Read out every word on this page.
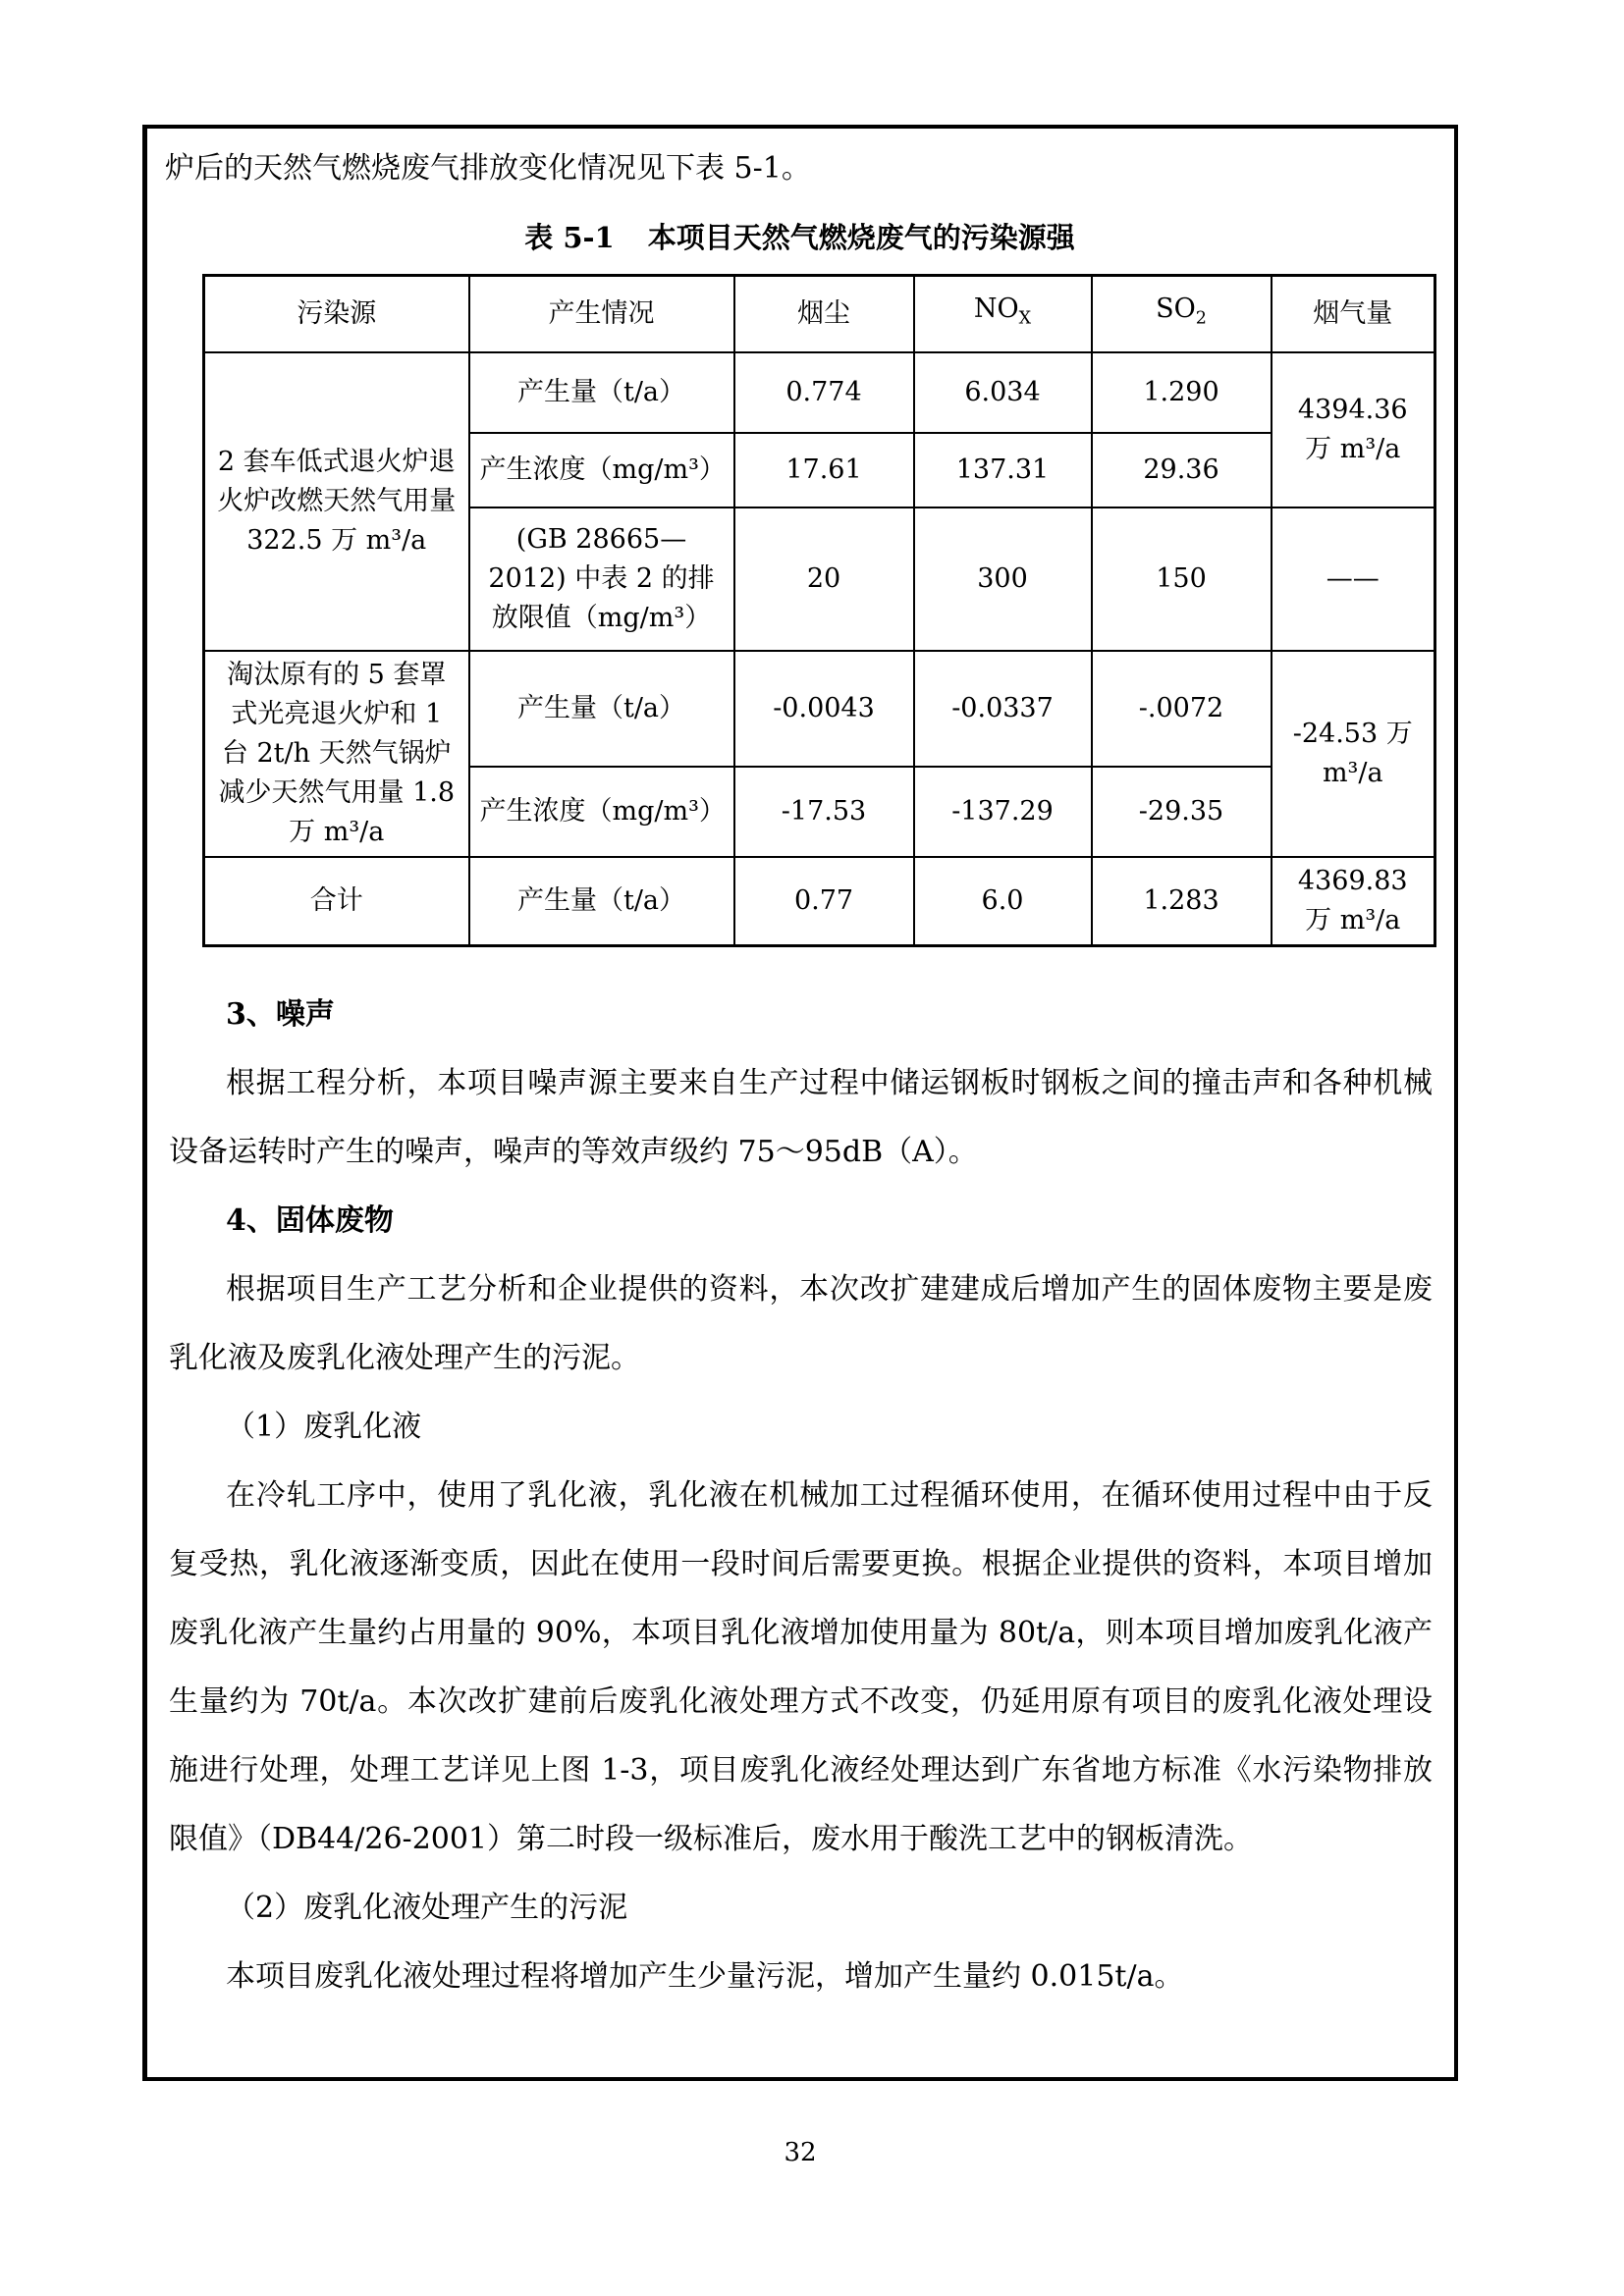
炉后的天然气燃烧废气排放变化情况见下表 5-1。

表 5-1 本项目天然气燃烧废气的污染源强
污染源	产生情况	烟尘	$NO_X$	$SO_2$	烟气量
2 套车低式退火炉退火炉改燃天然气用量 322.5 万 m³/a	产生量（t/a）	0.774	6.034	1.290	4394.36 万 m³/a
	产生浓度（mg/m³）	17.61	137.31	29.36	
	(GB 28665—2012) 中表 2 的排放限值（mg/m³）	20	300	150	——
淘汰原有的 5 套罩式光亮退火炉和 1 台 2t/h 天然气锅炉减少天然气用量 1.8 万 m³/a	产生量（t/a）	-0.0043	-0.0337	-.0072	-24.53 万 m³/a
	产生浓度（mg/m³）	-17.53	-137.29	-29.35	
合计	产生量（t/a）	0.77	6.0	1.283	4369.83 万 m³/a
3、噪声

根据工程分析，本项目噪声源主要来自生产过程中储运钢板时钢板之间的撞击声和各种机械设备运转时产生的噪声，噪声的等效声级约 75～95dB（A）。

4、固体废物

根据项目生产工艺分析和企业提供的资料，本次改扩建建成后增加产生的固体废物主要是废乳化液及废乳化液处理产生的污泥。

（1）废乳化液

在冷轧工序中，使用了乳化液，乳化液在机械加工过程循环使用，在循环使用过程中由于反复受热，乳化液逐渐变质，因此在使用一段时间后需要更换。根据企业提供的资料，本项目增加废乳化液产生量约占用量的 90%，本项目乳化液增加使用量为 80t/a，则本项目增加废乳化液产生量约为 70t/a。本次改扩建前后废乳化液处理方式不改变，仍延用原有项目的废乳化液处理设施进行处理，处理工艺详见上图 1-3，项目废乳化液经处理达到广东省地方标准《水污染物排放限值》（DB44/26-2001）第二时段一级标准后，废水用于酸洗工艺中的钢板清洗。

（2）废乳化液处理产生的污泥

本项目废乳化液处理过程将增加产生少量污泥，增加产生量约 0.015t/a。

32
